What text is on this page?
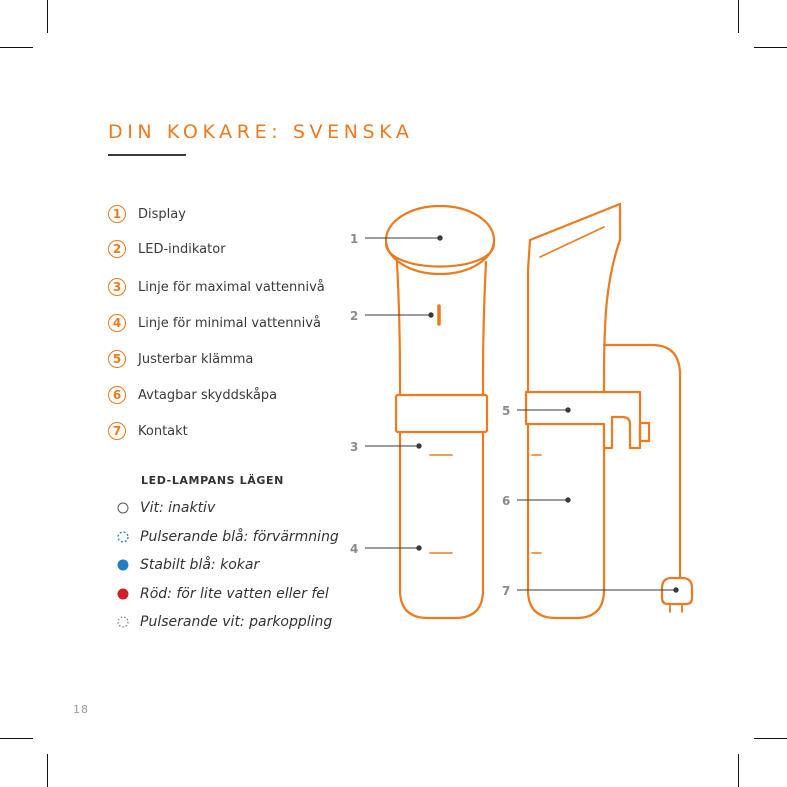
DIN KOKARE: SVENSKA
1	Display
2	LED-indikator
3	Linje för maximal vattennivå
4	Linje för minimal vattennivå
5	Justerbar klämma
6	Avtagbar skyddskåpa
7	Kontakt
LED-LAMPANS LÄGEN
Vit: inaktiv
Pulserande blå: förvärmning
Stabilt blå: kokar
Röd: för lite vatten eller fel
Pulserande vit: parkoppling
18
1
2
3
4
5
6
7
